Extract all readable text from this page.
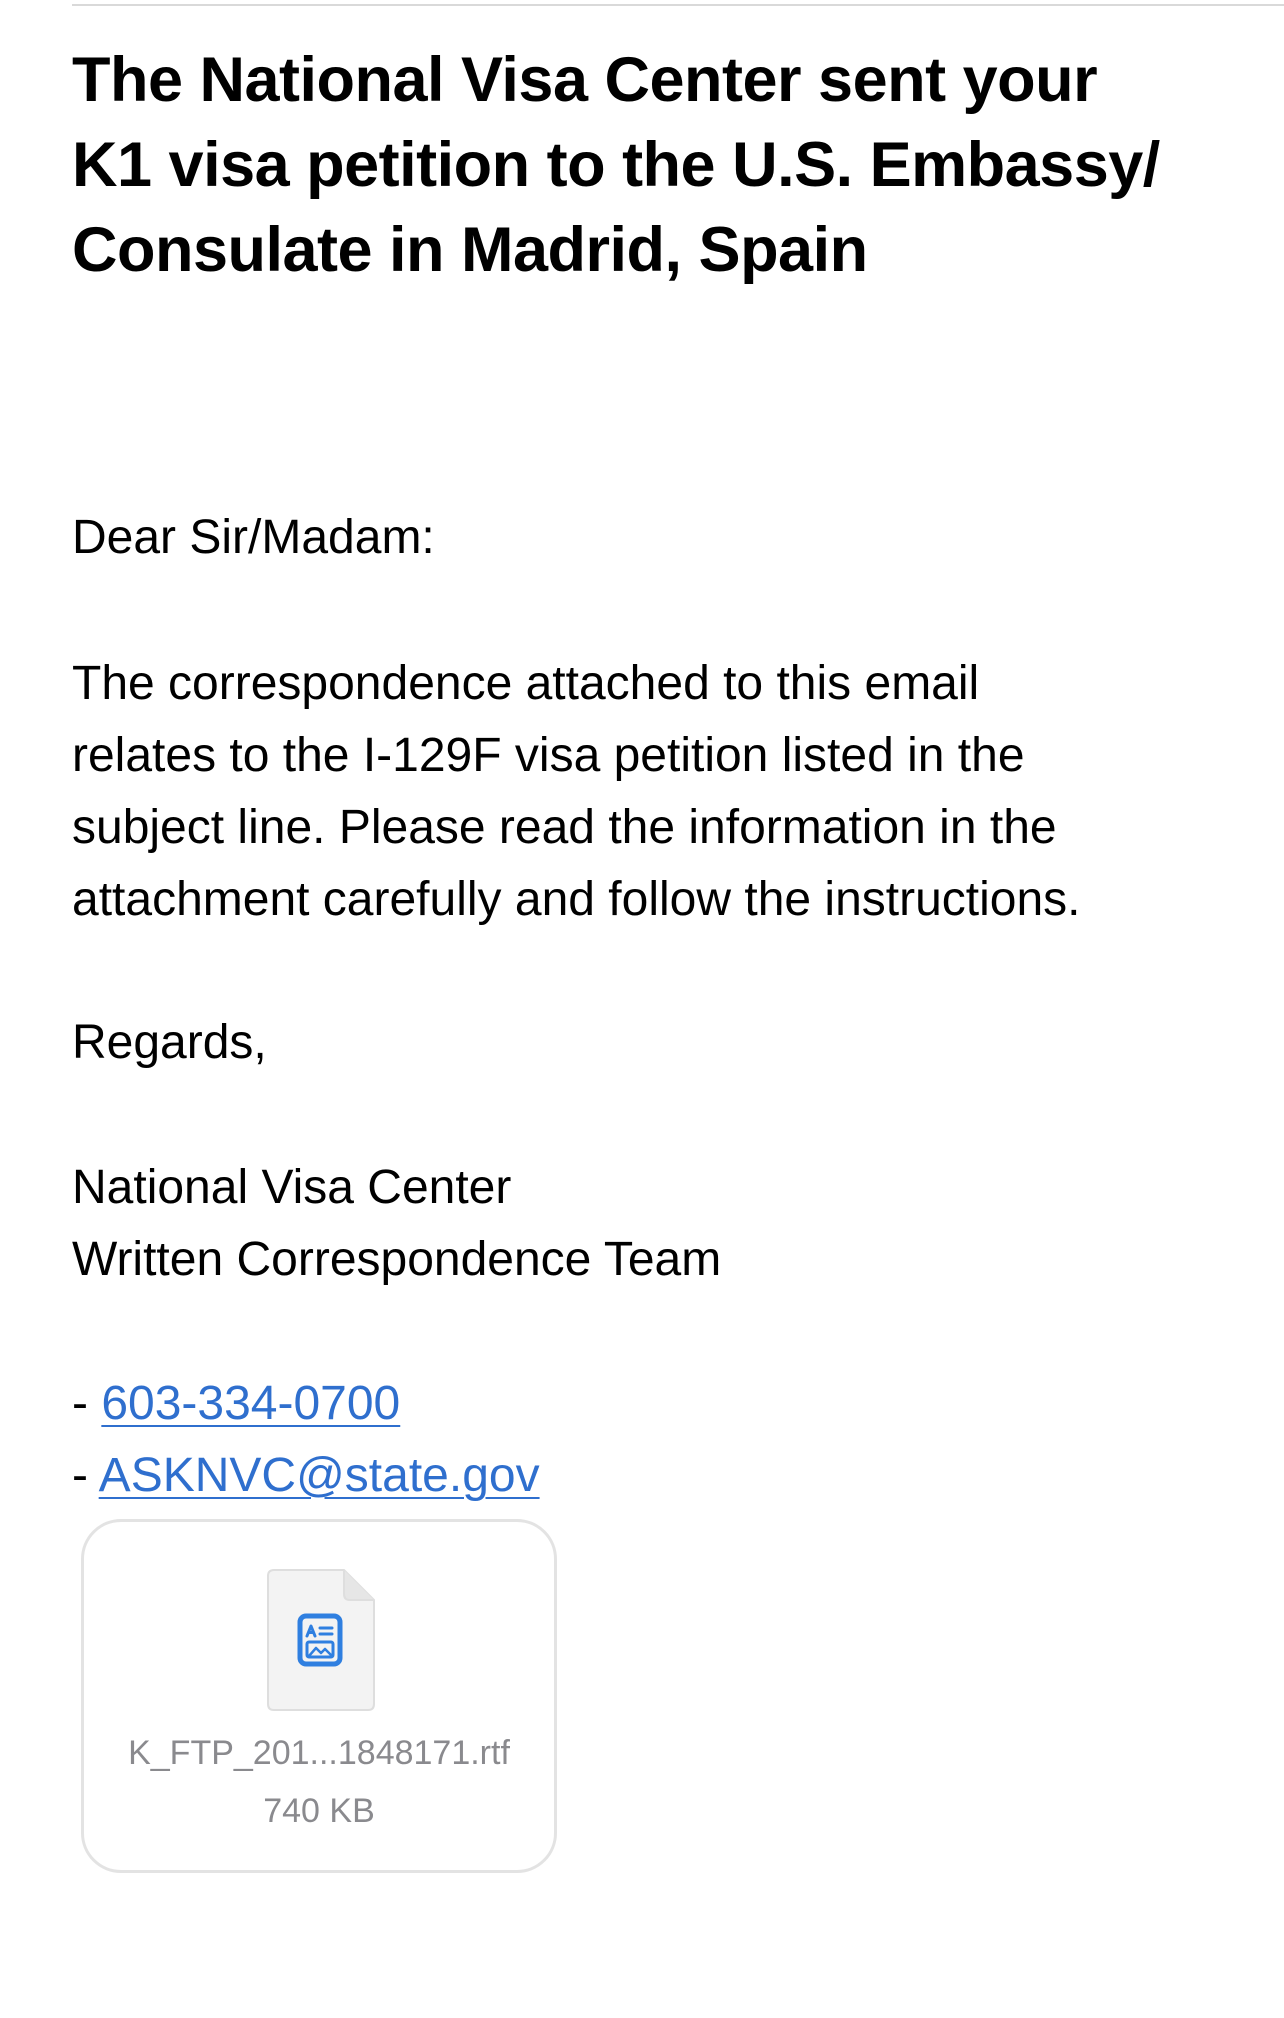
The National Visa Center sent your
K1 visa petition to the U.S. Embassy/
Consulate in Madrid, Spain

Dear Sir/Madam:

The correspondence attached to this email
relates to the I-129F visa petition listed in the
subject line. Please read the information in the
attachment carefully and follow the instructions.

Regards,

National Visa Center
Written Correspondence Team

- 603-334-0700
- ASKNVC@state.gov
K_FTP_201...1848171.rtf
740 KB
